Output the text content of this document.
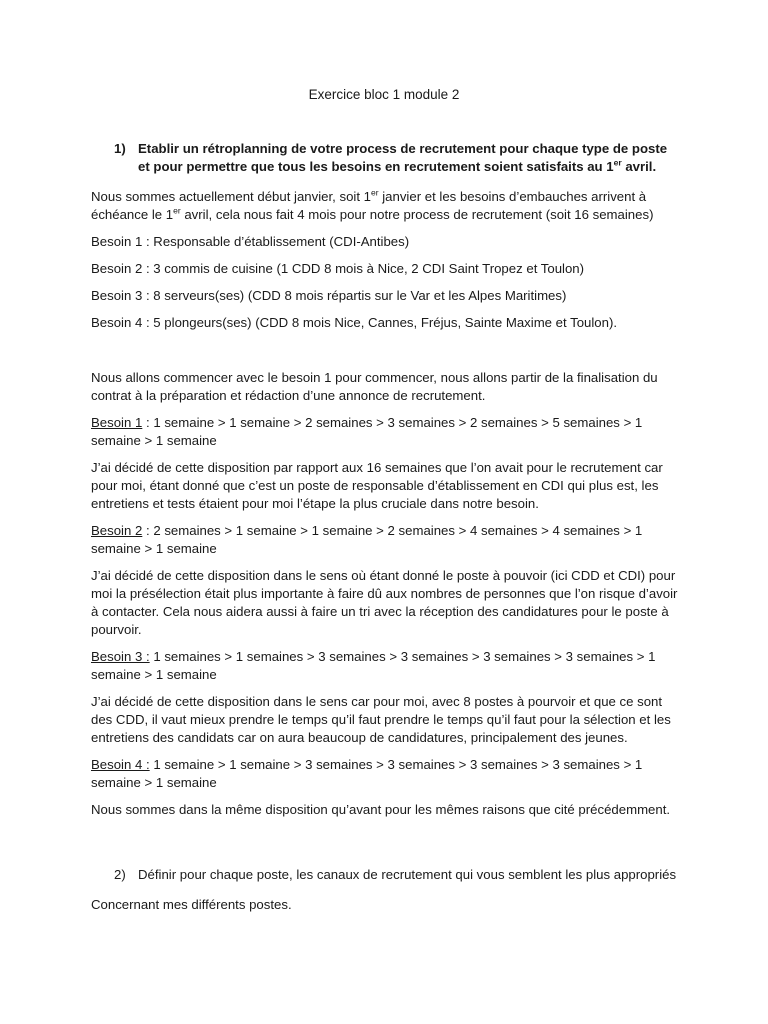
Exercice bloc 1 module 2
1) Etablir un rétroplanning de votre process de recrutement pour chaque type de poste et pour permettre que tous les besoins en recrutement soient satisfaits au 1er avril.

Nous sommes actuellement début janvier, soit 1er janvier et les besoins d’embauches arrivent à échéance le 1er avril, cela nous fait 4 mois pour notre process de recrutement (soit 16 semaines)

Besoin 1 : Responsable d’établissement (CDI-Antibes)

Besoin 2 : 3 commis de cuisine (1 CDD 8 mois à Nice, 2 CDI Saint Tropez et Toulon)

Besoin 3 : 8 serveurs(ses) (CDD 8 mois répartis sur le Var et les Alpes Maritimes)

Besoin 4 : 5 plongeurs(ses) (CDD 8 mois Nice, Cannes, Fréjus, Sainte Maxime et Toulon).

Nous allons commencer avec le besoin 1 pour commencer, nous allons partir de la finalisation du contrat à la préparation et rédaction d’une annonce de recrutement.

Besoin 1 : 1 semaine > 1 semaine > 2 semaines > 3 semaines > 2 semaines > 5 semaines > 1 semaine > 1 semaine

J’ai décidé de cette disposition par rapport aux 16 semaines que l’on avait pour le recrutement car pour moi, étant donné que c’est un poste de responsable d’établissement en CDI qui plus est, les entretiens et tests étaient pour moi l’étape la plus cruciale dans notre besoin.

Besoin 2 : 2 semaines > 1 semaine > 1 semaine > 2 semaines > 4 semaines > 4 semaines > 1 semaine > 1 semaine

J’ai décidé de cette disposition dans le sens où étant donné le poste à pouvoir (ici CDD et CDI) pour moi la présélection était plus importante à faire dû aux nombres de personnes que l’on risque d’avoir à contacter. Cela nous aidera aussi à faire un tri avec la réception des candidatures pour le poste à pourvoir.

Besoin 3 : 1 semaines > 1 semaines > 3 semaines > 3 semaines > 3 semaines > 3 semaines > 1 semaine > 1 semaine

J’ai décidé de cette disposition dans le sens car pour moi, avec 8 postes à pourvoir et que ce sont des CDD, il vaut mieux prendre le temps qu’il faut prendre le temps qu’il faut pour la sélection et les entretiens des candidats car on aura beaucoup de candidatures, principalement des jeunes.

Besoin 4 : 1 semaine > 1 semaine > 3 semaines > 3 semaines > 3 semaines > 3 semaines > 1 semaine > 1 semaine

Nous sommes dans la même disposition qu’avant pour les mêmes raisons que cité précédemment.

2) Définir pour chaque poste, les canaux de recrutement qui vous semblent les plus appropriés

Concernant mes différents postes.
